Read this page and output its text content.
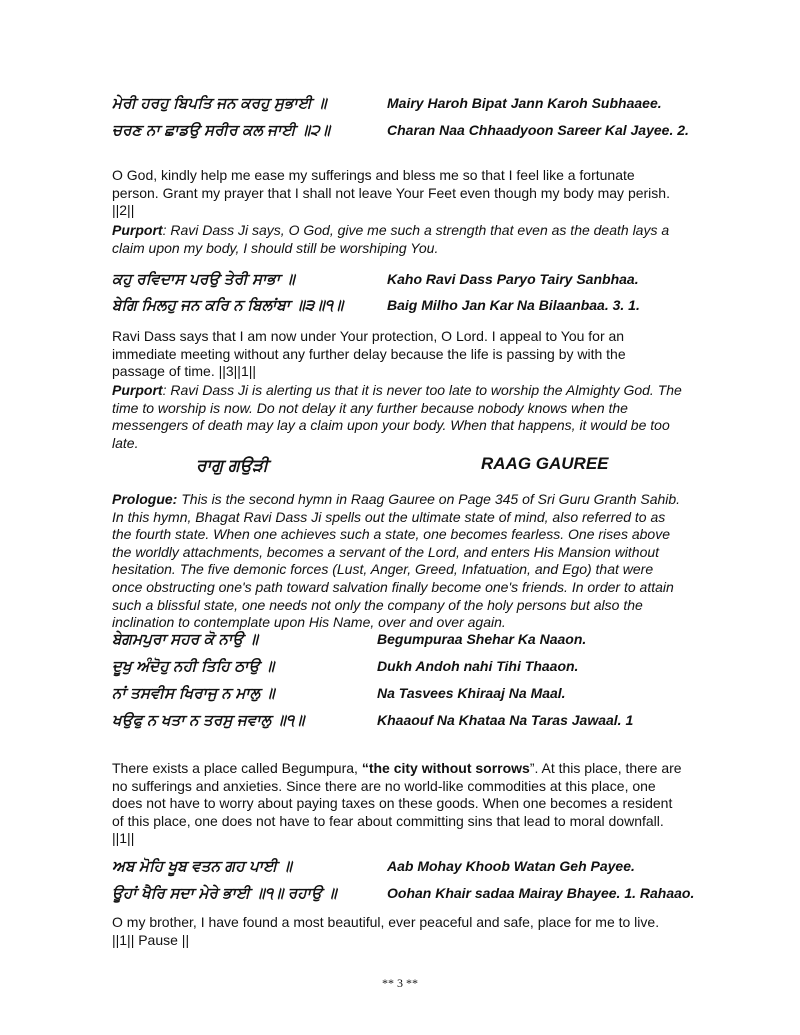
ਮੇਰੀ ਹਰਹੁ ਬਿਪਤਿ ਜਨ ਕਰਹੁ ਸੁਭਾਈ ॥	Mairy Haroh Bipat Jann Karoh Subhaaee.
ਚਰਣ ਨਾ ਛਾਡਉ ਸਰੀਰ ਕਲ ਜਾਈ ॥੨॥	Charan Naa Chhaadyoon Sareer Kal Jayee. 2.

O God, kindly help me ease my sufferings and bless me so that I feel like a fortunate person. Grant my prayer that I shall not leave Your Feet even though my body may perish. ||2||

Purport: Ravi Dass Ji says, O God, give me such a strength that even as the death lays a claim upon my body, I should still be worshiping You.

ਕਹੁ ਰਵਿਦਾਸ ਪਰਉ ਤੇਰੀ ਸਾਭਾ ॥	Kaho Ravi Dass Paryo Tairy Sanbhaa.
ਬੇਗਿ ਮਿਲਹੁ ਜਨ ਕਰਿ ਨ ਬਿਲਾਂਬਾ ॥੩॥੧॥	Baig Milho Jan Kar Na Bilaanbaa. 3. 1.

Ravi Dass says that I am now under Your protection, O Lord. I appeal to You for an immediate meeting without any further delay because the life is passing by with the passage of time. ||3||1||

Purport: Ravi Dass Ji is alerting us that it is never too late to worship the Almighty God. The time to worship is now. Do not delay it any further because nobody knows when the messengers of death may lay a claim upon your body. When that happens, it would be too late.

ਰਾਗੁ ਗਉੜੀ	RAAG GAUREE

Prologue: This is the second hymn in Raag Gauree on Page 345 of Sri Guru Granth Sahib. In this hymn, Bhagat Ravi Dass Ji spells out the ultimate state of mind, also referred to as the fourth state. When one achieves such a state, one becomes fearless. One rises above the worldly attachments, becomes a servant of the Lord, and enters His Mansion without hesitation. The five demonic forces (Lust, Anger, Greed, Infatuation, and Ego) that were once obstructing one's path toward salvation finally become one's friends. In order to attain such a blissful state, one needs not only the company of the holy persons but also the inclination to contemplate upon His Name, over and over again.

ਬੇਗਮਪੁਰਾ ਸਹਰ ਕੋ ਨਾਉ ॥	Begumpuraa Shehar Ka Naaon.
ਦੂਖੁ ਅੰਦੋਹੁ ਨਹੀ ਤਿਹਿ ਠਾਉ ॥	Dukh Andoh nahi Tihi Thaaon.
ਨਾਂ ਤਸਵੀਸ ਖਿਰਾਜੁ ਨ ਮਾਲੁ ॥	Na Tasvees Khiraaj Na Maal.
ਖਉਫੁ ਨ ਖਤਾ ਨ ਤਰਸੁ ਜਵਾਲੁ ॥੧॥	Khaaouf Na Khataa Na Taras Jawaal. 1

There exists a place called Begumpura, “the city without sorrows”. At this place, there are no sufferings and anxieties. Since there are no world-like commodities at this place, one does not have to worry about paying taxes on these goods. When one becomes a resident of this place, one does not have to fear about committing sins that lead to moral downfall. ||1||

ਅਬ ਮੋਹਿ ਖੂਬ ਵਤਨ ਗਹ ਪਾਈ ॥	Aab Mohay Khoob Watan Geh Payee.
ਊਹਾਂ ਖੈਰਿ ਸਦਾ ਮੇਰੇ ਭਾਈ ॥੧॥ ਰਹਾਉ ॥	Oohan Khair sadaa Mairay Bhayee. 1. Rahaao.

O my brother, I have found a most beautiful, ever peaceful and safe, place for me to live. ||1|| Pause ||

** 3 **
